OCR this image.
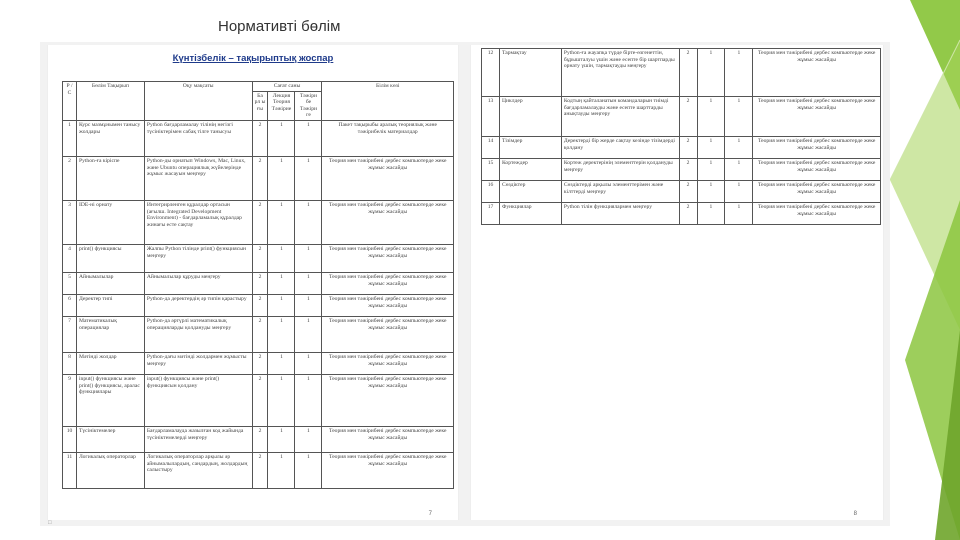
Нормативті бөлім
Күнтізбелік – тақырыптық жоспар
Р / С	Бөлім Тақырып	Оқу мақсаты	Сағат саны			Білім көзі
			Ба рл ы ғы	Лекция Теория Тәжірие	Тәжіри бе Тәжіри ге	
1	Курс мазмұнымен танысу жолдары	Python бағдарламалау тілінің негізгі түсініктерімен сабақ тілге танысуы	2	1	1	Пакет тақырыбы аралық теориялық және тәжірибелік материалдар
2	Python-ға кіріспе	Python-ды орнатып Windows, Mac, Linux, және Ubuntu операциялық жүйелерінде жұмыс жасауын меңгеру	2	1	1	Теория мен тәжірибені дербес компьютерде жеке жұмыс жасайды
3	IDE-ні орнату	Интегрирленген құралдар ортасын (ағылш. Integrated Development Environment) - бағдарламалық құралдар жинағы есте сақтау	2	1	1	Теория мен тәжірибені дербес компьютерде жеке жұмыс жасайды
4	print() функциясы	Жалпы Python тілінде print() функциясын меңгеру	2	1	1	Теория мен тәжірибені дербес компьютерде жеке жұмыс жасайды
5	Айнымалылар	Айнымалылар құруды меңгеру	2	1	1	Теория мен тәжірибені дербес компьютерде жеке жұмыс жасайды
6	Деректер типі	Python-да деректердің әр типін қарастыру	2	1	1	Теория мен тәжірибені дербес компьютерде жеке жұмыс жасайды
7	Математикалық операциялар	Python-да әртүрлі математикалық операцияларды қолдануды меңгеру	2	1	1	Теория мен тәжірибені дербес компьютерде жеке жұмыс жасайды
8	Мәтінді жолдар	Python-дағы мәтінді жолдармен жұмысты меңгеру	2	1	1	Теория мен тәжірибені дербес компьютерде жеке жұмыс жасайды
9	input() функциясы және print() функциясы, аралас функциялары	input() функциясы және print() функциясын қолдану	2	1	1	Теория мен тәжірибені дербес компьютерде жеке жұмыс жасайды
10	Түсініктемелер	Бағдарламалауда жазылған код жайында түсініктемелерді меңгеру	2	1	1	Теория мен тәжірибені дербес компьютерде жеке жұмыс жасайды
11	Логикалық операторлар	Логикалық операторлар арқылы әр айнымалылардың, сандардың, жолдардың салыстыру	2	1	1	Теория мен тәжірибені дербес компьютерде жеке жұмыс жасайды
7
12	Тармақтау	Python-ға жауапқа түрде бірте-өзгенеттін, бұрышталуы үшін және есепте бір шартпарды орнату үшін, тармақтауды меңгеру	2	1	1	Теория мен тәжірибені дербес компьютерде жеке жұмыс жасайды
13	Циклдер	Кодтың қайталанатын командаларын тиімді бағдарламалауды және есепте шарттарды анықтауды меңгеру	2	1	1	Теория мен тәжірибені дербес компьютерде жеке жұмыс жасайды
14	Тізімдер	Деректерді бір жерде сақтау кезінде тізімдерді қолдану	2	1	1	Теория мен тәжірибені дербес компьютерде жеке жұмыс жасайды
15	Кортеждер	Кортеж деректерінің элементтерін қолдануды меңгеру	2	1	1	Теория мен тәжірибені дербес компьютерде жеке жұмыс жасайды
16	Сөздіктер	Сөздіктерді арқылы элементтерімен және кілттерді меңгеру	2	1	1	Теория мен тәжірибені дербес компьютерде жеке жұмыс жасайды
17	Функциялар	Python тілін функциялармен меңгеру	2	1	1	Теория мен тәжірибені дербес компьютерде жеке жұмыс жасайды
8
□
